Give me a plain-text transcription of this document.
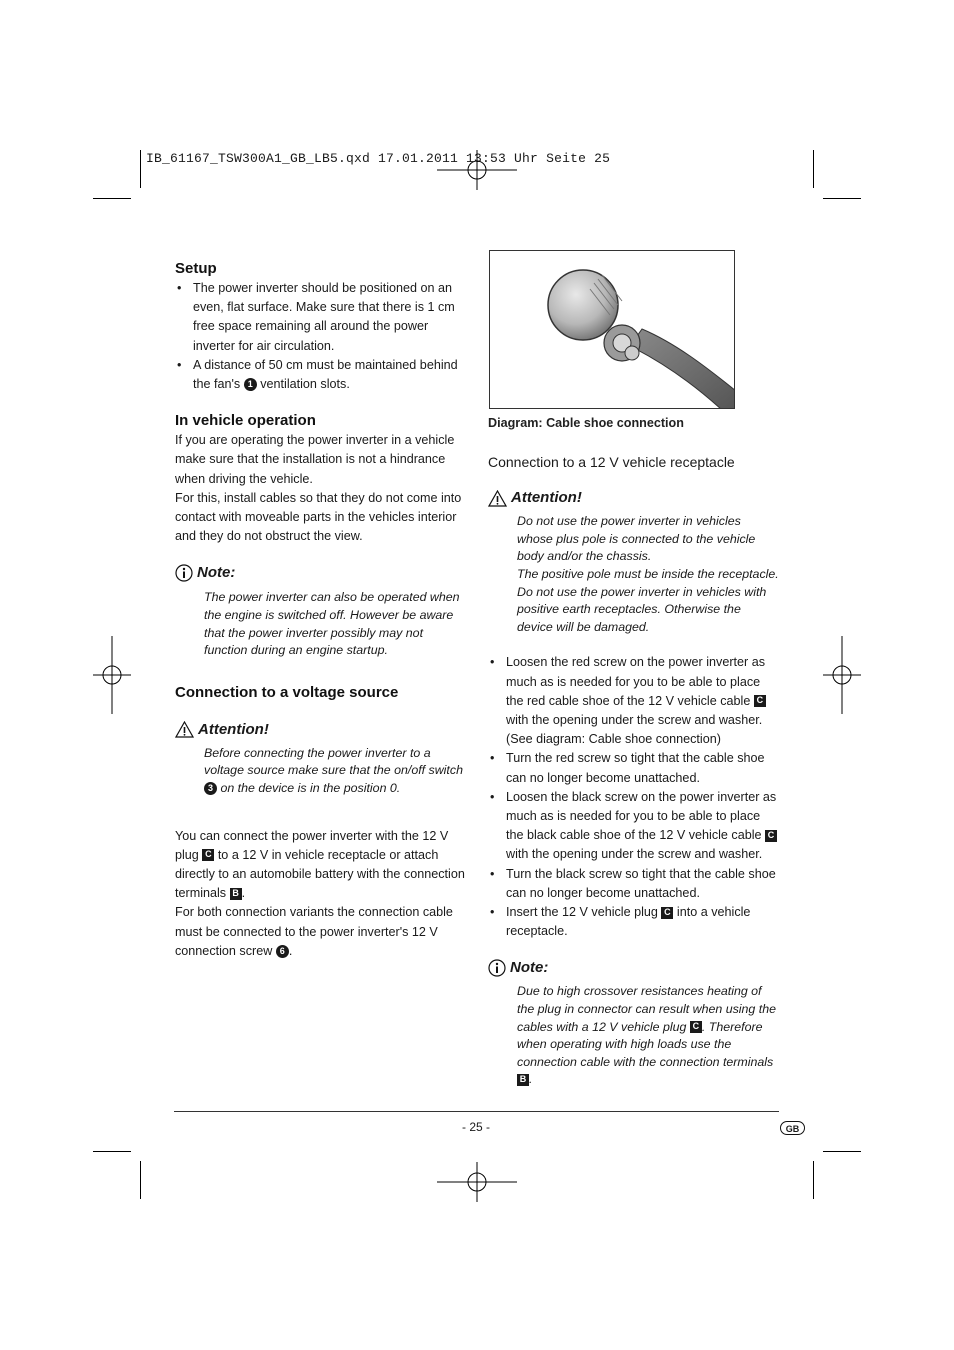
IB_61167_TSW300A1_GB_LB5.qxd 17.01.2011 13:53 Uhr Seite 25
Setup
• The power inverter should be positioned on an even, flat surface. Make sure that there is 1 cm free space remaining all around the power inverter for air circulation.
• A distance of 50 cm must be maintained behind the fan's 1 ventilation slots.
In vehicle operation

If you are operating the power inverter in a vehicle make sure that the installation is not a hindrance when driving the vehicle.

For this, install cables so that they do not come into contact with moveable parts in the vehicles interior and they do not obstruct the view.

Note:

The power inverter can also be operated when the engine is switched off. However be aware that the power inverter possibly may not function during an engine startup.

Connection to a voltage source
Attention!

Before connecting the power inverter to a voltage source make sure that the on/off switch 3 on the device is in the position 0.

You can connect the power inverter with the 12 V plug C to a 12 V in vehicle receptacle or attach directly to an automobile battery with the connection terminals B .

For both connection variants the connection cable must be connected to the power inverter's 12 V connection screw 6 .

Diagram: Cable shoe connection

Connection to a 12 V vehicle receptacle

Attention!

Do not use the power inverter in vehicles whose plus pole is connected to the vehicle body and/or the chassis.

The positive pole must be inside the receptacle. Do not use the power inverter in vehicles with positive earth receptacles. Otherwise the device will be damaged.

• Loosen the red screw on the power inverter as much as is needed for you to be able to place the red cable shoe of the 12 V vehicle cable C with the opening under the screw and washer. (See diagram: Cable shoe connection)
• Turn the red screw so tight that the cable shoe can no longer become unattached.
• Loosen the black screw on the power inverter as much as is needed for you to be able to place the black cable shoe of the 12 V vehicle cable C with the opening under the screw and washer.
• Turn the black screw so tight that the cable shoe can no longer become unattached.
• Insert the 12 V vehicle plug C into a vehicle receptacle.
Note:

Due to high crossover resistances heating of the plug in connector can result when using the cables with a 12 V vehicle plug C . Therefore when operating with high loads use the connection cable with the connection terminals B .

- 25 -	GB
